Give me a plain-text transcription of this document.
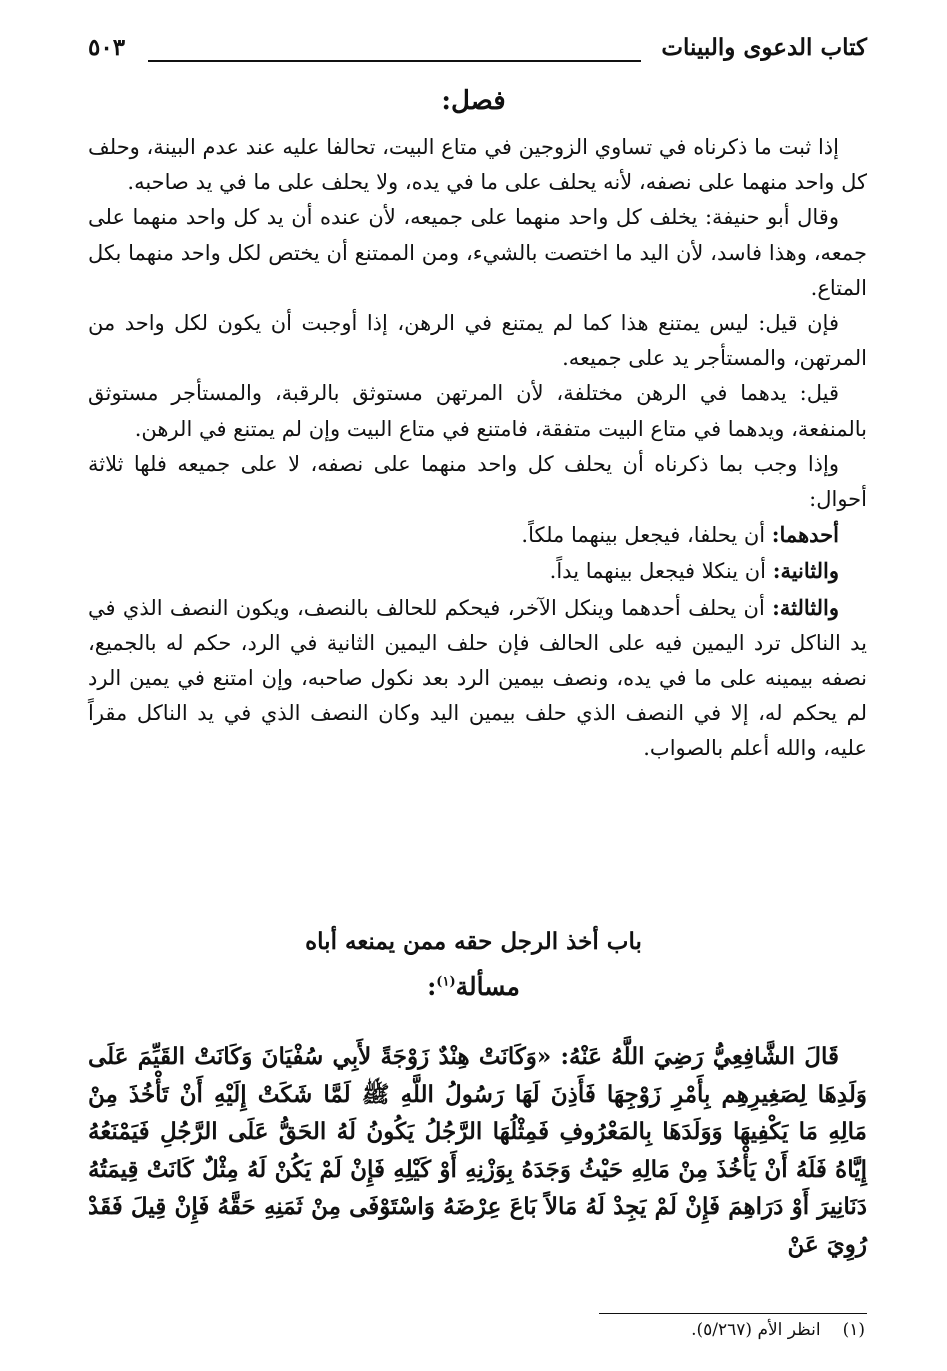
كتاب الدعوى والبينات
٥٠٣
فصل:

إذا ثبت ما ذكرناه في تساوي الزوجين في متاع البيت، تحالفا عليه عند عدم البينة، وحلف كل واحد منهما على نصفه، لأنه يحلف على ما في يده، ولا يحلف على ما في يد صاحبه.

وقال أبو حنيفة: يخلف كل واحد منهما على جميعه، لأن عنده أن يد كل واحد منهما على جمعه، وهذا فاسد، لأن اليد ما اختصت بالشيء، ومن الممتنع أن يختص لكل واحد منهما بكل المتاع.

فإن قيل: ليس يمتنع هذا كما لم يمتنع في الرهن، إذا أوجبت أن يكون لكل واحد من المرتهن، والمستأجر يد على جميعه.

قيل: يدهما في الرهن مختلفة، لأن المرتهن مستوثق بالرقبة، والمستأجر مستوثق بالمنفعة، ويدهما في متاع البيت متفقة، فامتنع في متاع البيت وإن لم يمتنع في الرهن.

وإذا وجب بما ذكرناه أن يحلف كل واحد منهما على نصفه، لا على جميعه فلها ثلاثة أحوال:

أحدهما: أن يحلفا، فيجعل بينهما ملكاً.

والثانية: أن ينكلا فيجعل بينهما يداً.

والثالثة: أن يحلف أحدهما وينكل الآخر، فيحكم للحالف بالنصف، ويكون النصف الذي في يد الناكل ترد اليمين فيه على الحالف فإن حلف اليمين الثانية في الرد، حكم له بالجميع، نصفه بيمينه على ما في يده، ونصف بيمين الرد بعد نكول صاحبه، وإن امتنع في يمين الرد لم يحكم له، إلا في النصف الذي حلف بيمين اليد وكان النصف الذي في يد الناكل مقراً عليه، والله أعلم بالصواب.

باب أخذ الرجل حقه ممن يمنعه أباه
مسألة$^{(١)}$:

قَالَ الشَّافِعِيُّ رَضِيَ اللَّهُ عَنْهُ: «وَكَانَتْ هِنْدٌ زَوْجَةً لأَبِي سُفْيَانَ وَكَانَتْ القَيِّمَ عَلَى وَلَدِهَا لِصَغِيرِهِم بِأَمْرِ زَوْجِهَا فَأَذِنَ لَهَا رَسُولُ اللَّهِ ﷺ لَمَّا شَكَتْ إِلَيْهِ أَنْ تَأْخُذَ مِنْ مَالِهِ مَا يَكْفِيهَا وَوَلَدَهَا بِالمَعْرُوفِ فَمِثْلُهَا الرَّجُلُ يَكُونُ لَهُ الحَقُّ عَلَى الرَّجُلِ فَيَمْنَعُهُ إِيَّاهُ فَلَهُ أَنْ يَأْخُذَ مِنْ مَالِهِ حَيْثُ وَجَدَهُ بِوَزْنِهِ أَوْ كَيْلِهِ فَإِنْ لَمْ يَكُنْ لَهُ مِثْلٌ كَانَتْ قِيمَتُهُ دَنَانِيرَ أَوْ دَرَاهِمَ فَإِنْ لَمْ يَجِدْ لَهُ مَالاً بَاعَ عِرْضَهُ وَاسْتَوْفَى مِنْ ثَمَنِهِ حَقَّهُ فَإِنْ قِيلَ فَقَدْ رُوِيَ عَنْ

(١)انظر الأم (٥/٢٦٧).
